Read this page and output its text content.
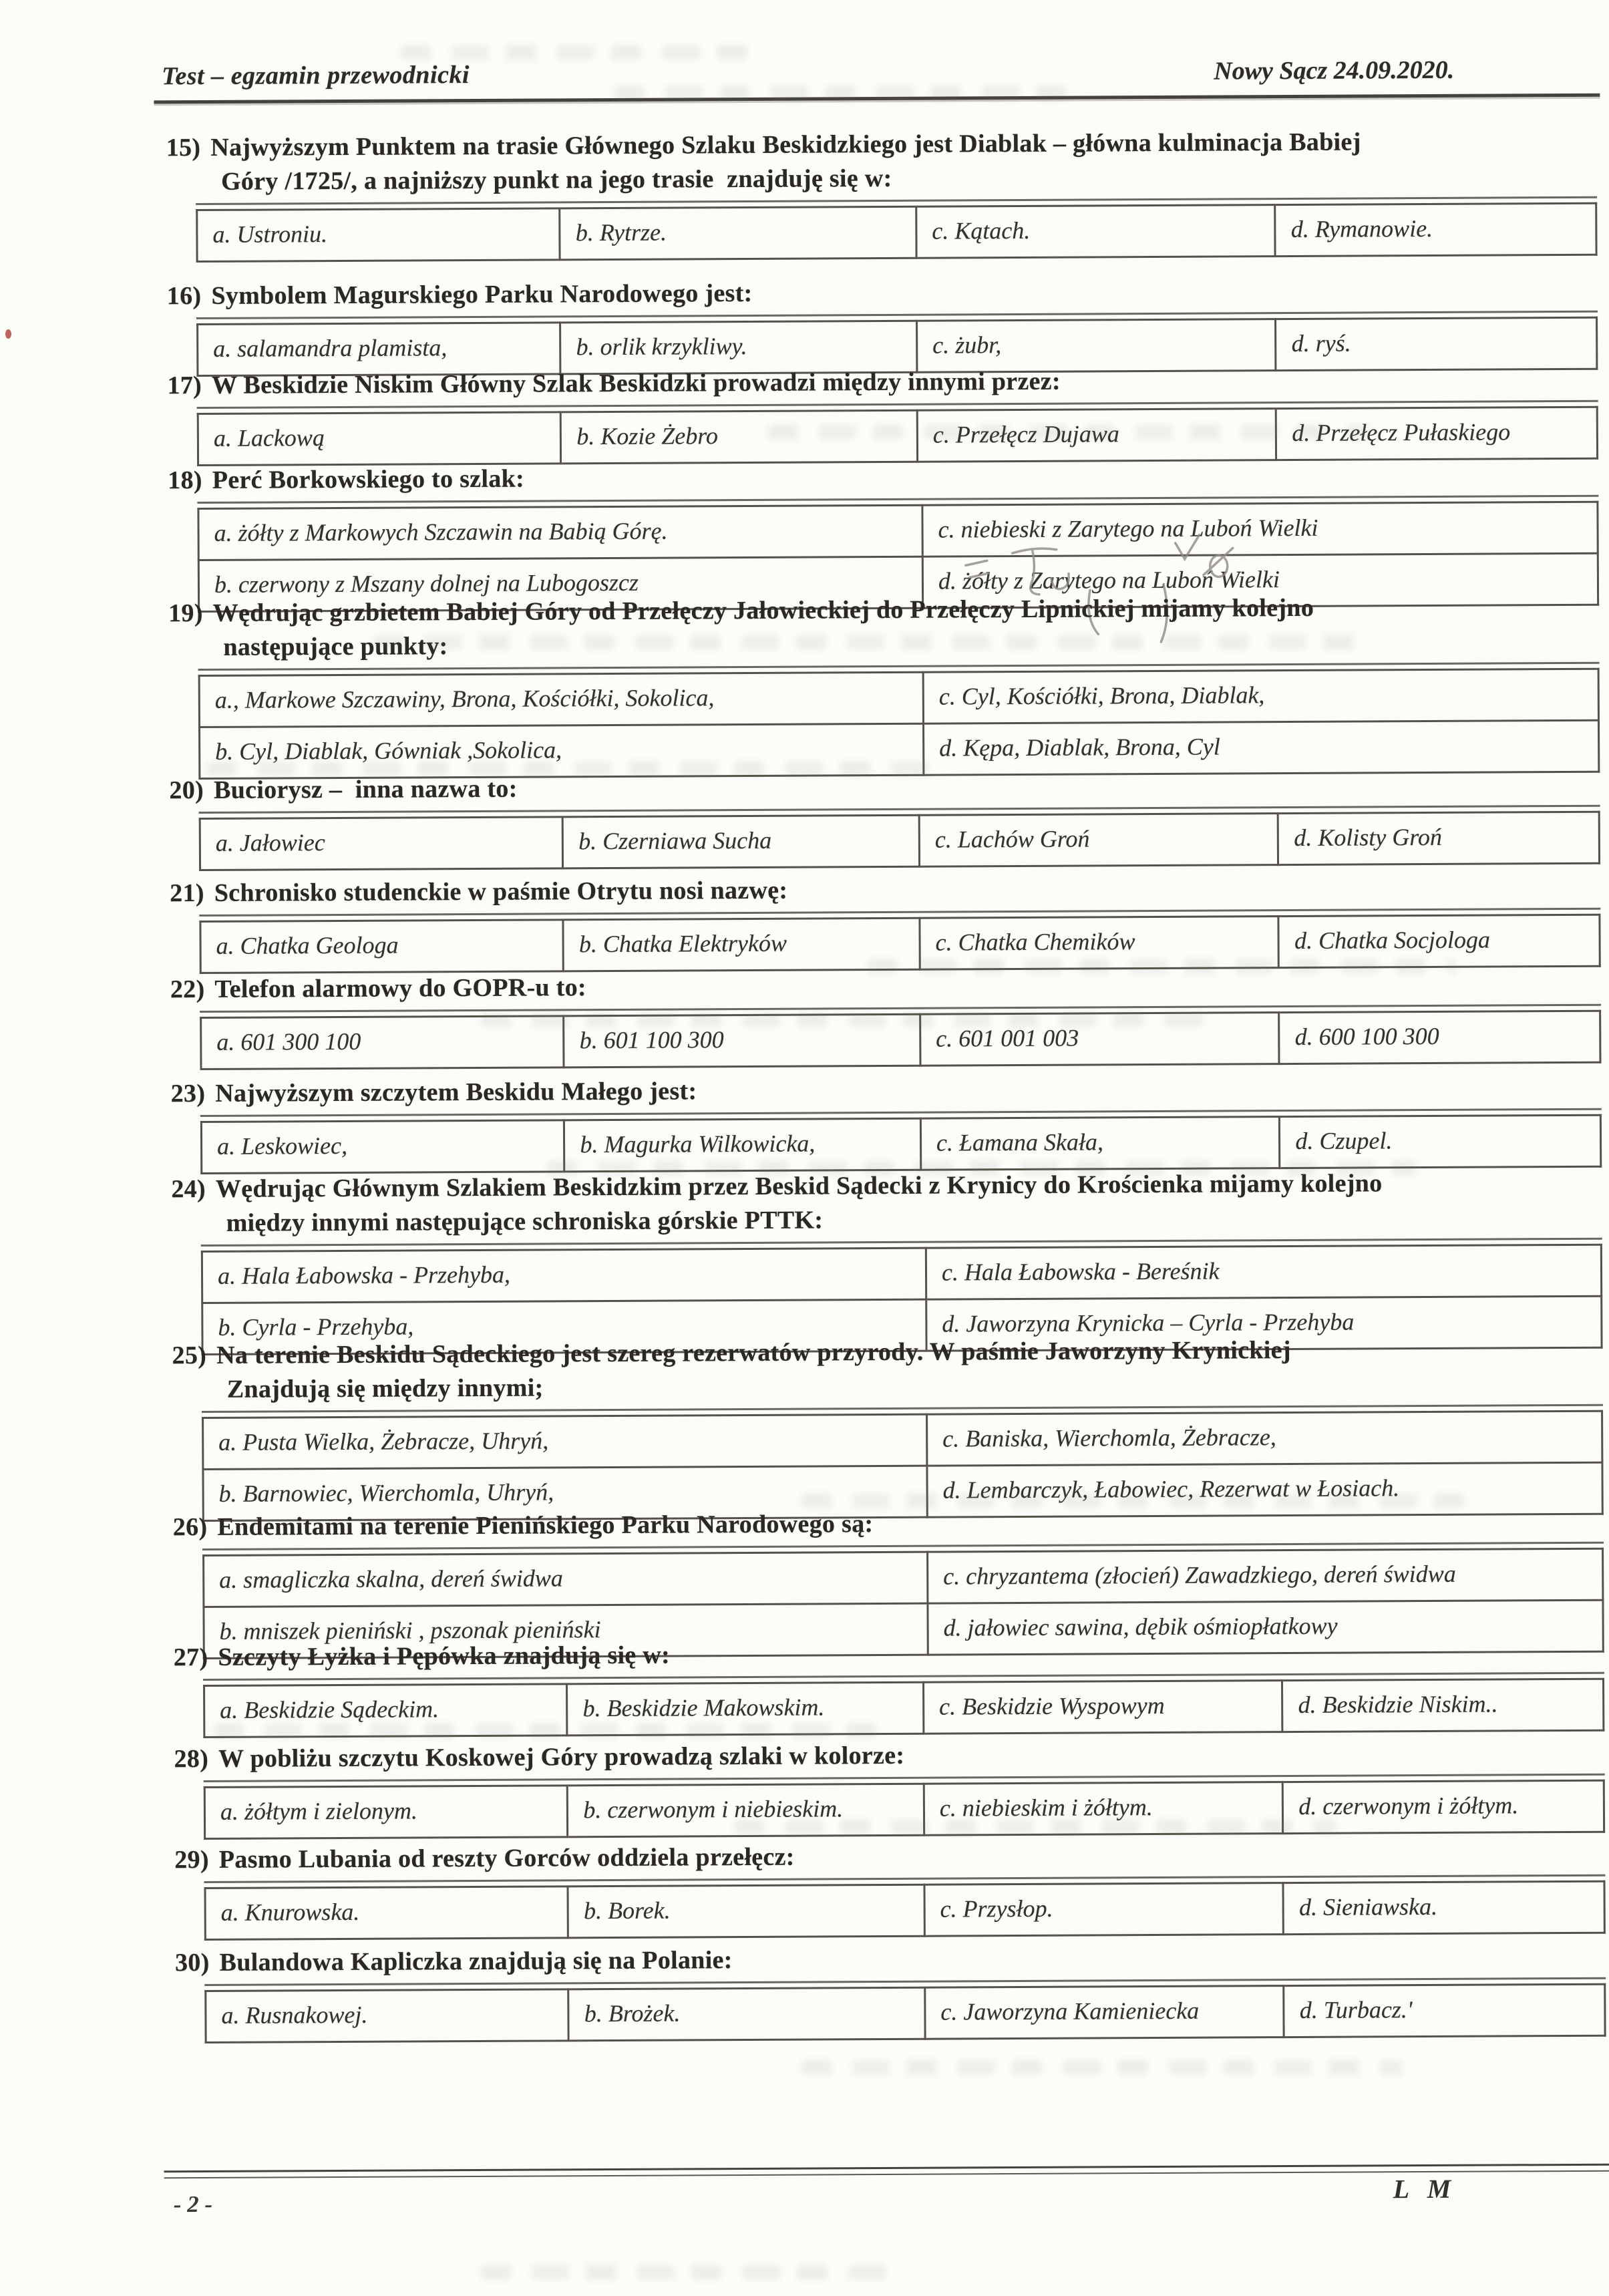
Test – egzamin przewodnicki	Nowy Sącz 24.09.2020.
15) Najwyższym Punktem na trasie Głównego Szlaku Beskidzkiego jest Diablak – główna kulminacja Babiej
Góry /1725/, a najniższy punkt na jego trasie  znajduję się w:
a. Ustroniu.	b. Rytrze.	c. Kątach.	d. Rymanowie.
16) Symbolem Magurskiego Parku Narodowego jest:
a. salamandra plamista,	b. orlik krzykliwy.	c. żubr,	d. ryś.
17) W Beskidzie Niskim Główny Szlak Beskidzki prowadzi między innymi przez:
a. Lackową	b. Kozie Żebro	c. Przełęcz Dujawa	d. Przełęcz Pułaskiego
18) Perć Borkowskiego to szlak:
a. żółty z Markowych Szczawin na Babią Górę.	c. niebieski z Zarytego na Luboń Wielki
b. czerwony z Mszany dolnej na Lubogoszcz	d. żółty z Zarytego na Luboń Wielki
19) Wędrując grzbietem Babiej Góry od Przełęczy Jałowieckiej do Przełęczy Lipnickiej mijamy kolejno
następujące punkty:
a., Markowe Szczawiny, Brona, Kościółki, Sokolica,	c. Cyl, Kościółki, Brona, Diablak,
b. Cyl, Diablak, Gówniak ,Sokolica,	d. Kępa, Diablak, Brona, Cyl
20) Buciorysz –  inna nazwa to:
a. Jałowiec	b. Czerniawa Sucha	c. Lachów Groń	d. Kolisty Groń
21) Schronisko studenckie w paśmie Otrytu nosi nazwę:
a. Chatka Geologa	b. Chatka Elektryków	c. Chatka Chemików	d. Chatka Socjologa
22) Telefon alarmowy do GOPR-u to:
a. 601 300 100	b. 601 100 300	c. 601 001 003	d. 600 100 300
23) Najwyższym szczytem Beskidu Małego jest:
a. Leskowiec,	b. Magurka Wilkowicka,	c. Łamana Skała,	d. Czupel.
24) Wędrując Głównym Szlakiem Beskidzkim przez Beskid Sądecki z Krynicy do Krościenka mijamy kolejno
między innymi następujące schroniska górskie PTTK:
a. Hala Łabowska - Przehyba,	c. Hala Łabowska - Bereśnik
b. Cyrla - Przehyba,	d. Jaworzyna Krynicka – Cyrla - Przehyba
25) Na terenie Beskidu Sądeckiego jest szereg rezerwatów przyrody. W paśmie Jaworzyny Krynickiej
Znajdują się między innymi;
a. Pusta Wielka, Żebracze, Uhryń,	c. Baniska, Wierchomla, Żebracze,
b. Barnowiec, Wierchomla, Uhryń,	d. Lembarczyk, Łabowiec, Rezerwat w Łosiach.
26) Endemitami na terenie Pienińskiego Parku Narodowego są:
a. smagliczka skalna, dereń świdwa	c. chryzantema (złocień) Zawadzkiego, dereń świdwa
b. mniszek pieniński , pszonak pieniński	d. jałowiec sawina, dębik ośmiopłatkowy
27) Szczyty Łyżka i Pępówka znajdują się w:
a. Beskidzie Sądeckim.	b. Beskidzie Makowskim.	c. Beskidzie Wyspowym	d. Beskidzie Niskim..
28) W pobliżu szczytu Koskowej Góry prowadzą szlaki w kolorze:
a. żółtym i zielonym.	b. czerwonym i niebieskim.	c. niebieskim i żółtym.	d. czerwonym i żółtym.
29) Pasmo Lubania od reszty Gorców oddziela przełęcz:
a. Knurowska.	b. Borek.	c. Przysłop.	d. Sieniawska.
30) Bulandowa Kapliczka znajdują się na Polanie:
a. Rusnakowej.	b. Brożek.	c. Jaworzyna Kamieniecka	d. Turbacz.'
- 2 -
L M
